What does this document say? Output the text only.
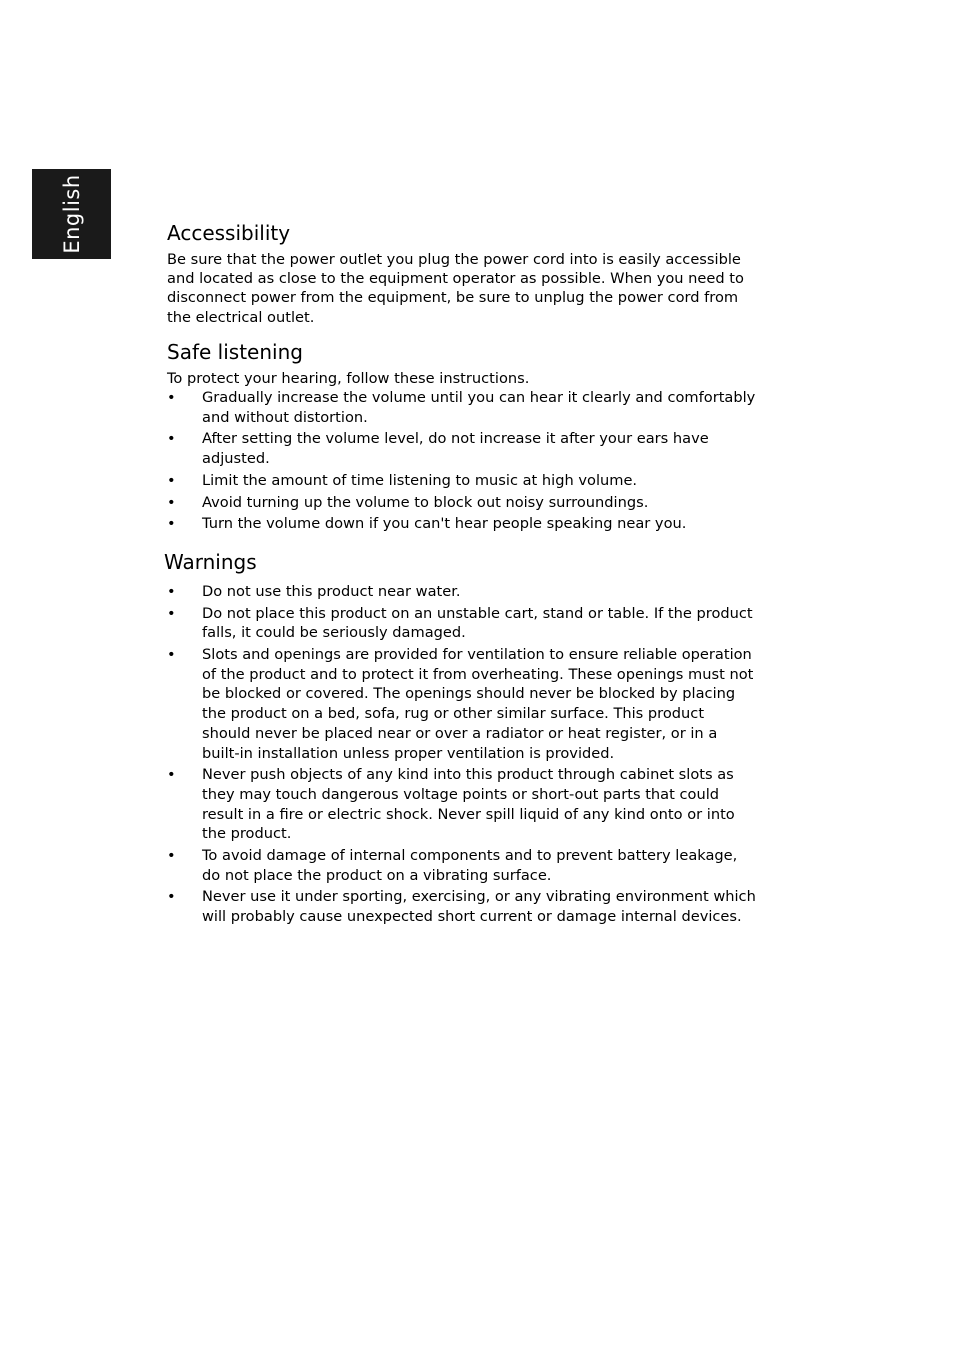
English	Accessibility

Be sure that the power outlet you plug the power cord into is easily accessible and located as close to the equipment operator as possible. When you need to disconnect power from the equipment, be sure to unplug the power cord from the electrical outlet.

Safe listening

To protect your hearing, follow these instructions.

• Gradually increase the volume until you can hear it clearly and comfortably and without distortion.
• After setting the volume level, do not increase it after your ears have adjusted.
• Limit the amount of time listening to music at high volume.
• Avoid turning up the volume to block out noisy surroundings.
• Turn the volume down if you can't hear people speaking near you.
Warnings
• Do not use this product near water.
• Do not place this product on an unstable cart, stand or table. If the product falls, it could be seriously damaged.
• Slots and openings are provided for ventilation to ensure reliable operation of the product and to protect it from overheating. These openings must not be blocked or covered. The openings should never be blocked by placing the product on a bed, sofa, rug or other similar surface. This product should never be placed near or over a radiator or heat register, or in a built-in installation unless proper ventilation is provided.
• Never push objects of any kind into this product through cabinet slots as they may touch dangerous voltage points or short-out parts that could result in a fire or electric shock. Never spill liquid of any kind onto or into the product.
• To avoid damage of internal components and to prevent battery leakage, do not place the product on a vibrating surface.
• Never use it under sporting, exercising, or any vibrating environment which will probably cause unexpected short current or damage internal devices.
